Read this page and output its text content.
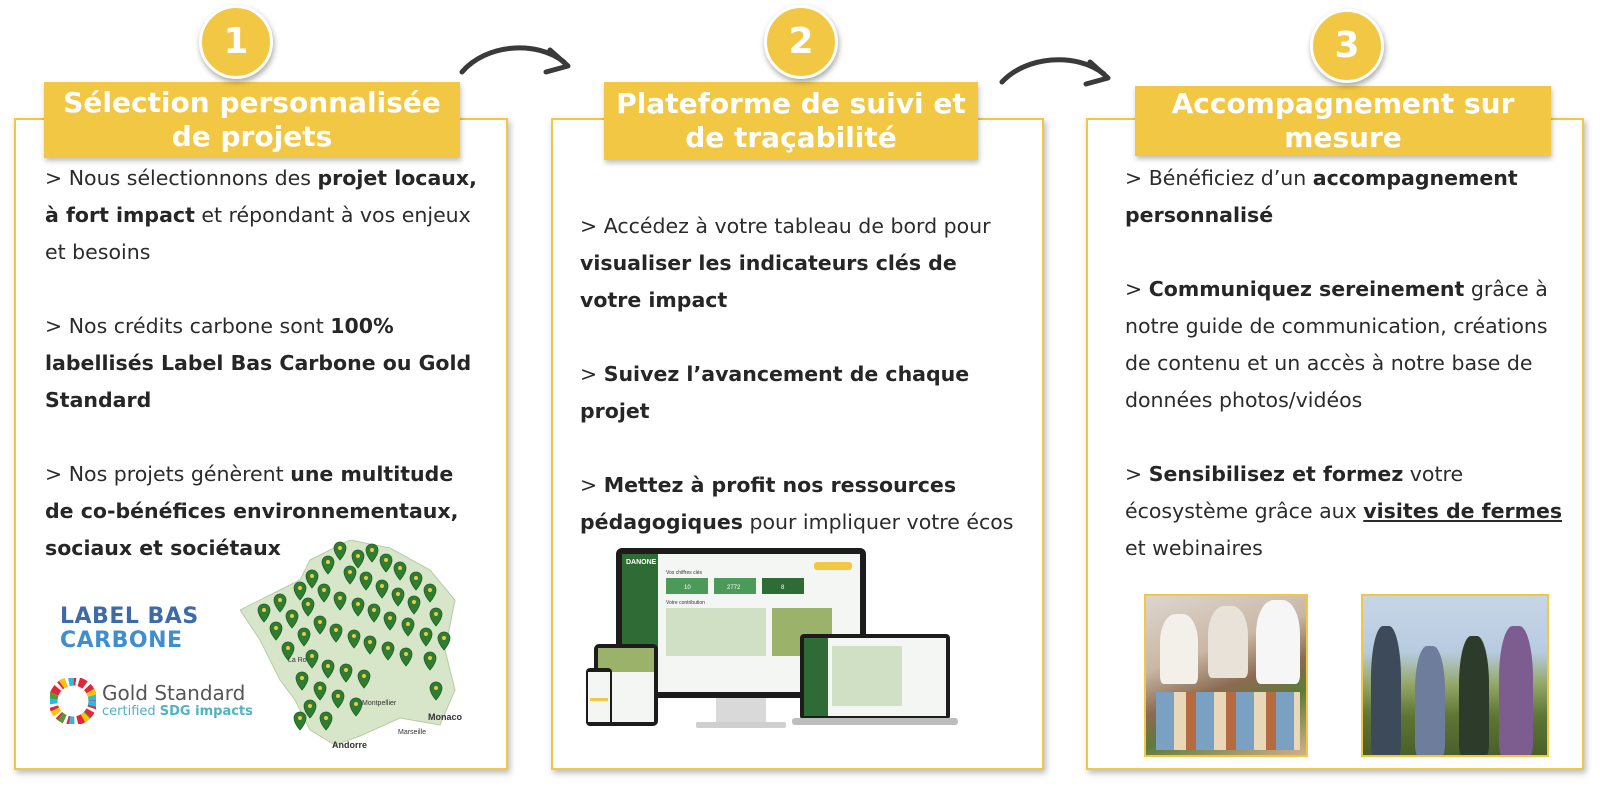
1	2	3
Sélection personnalisée de projets
Plateforme de suivi et de traçabilité
Accompagnement sur mesure

> Nous sélectionnons des projet locaux, à fort impact et répondant à vos enjeux et besoins

> Nos crédits carbone sont 100% labellisés Label Bas Carbone ou Gold Standard

> Nos projets génèrent une multitude de co-bénéfices environnementaux, sociaux et sociétaux

> Accédez à votre tableau de bord pour visualiser les indicateurs clés de votre impact

> Suivez l’avancement de chaque projet

> Mettez à profit nos ressources pédagogiques pour impliquer votre écos

> Bénéficiez d’un accompagnement personnalisé

> Communiquez sereinement grâce à notre guide de communication, créations de contenu et un accès à notre base de données photos/vidéos

> Sensibilisez et formez votre écosystème grâce aux visites de fermes et webinaires

LABEL BAS
CARBONE
Gold Standard
certified SDG impacts	Monaco
Marseille
Andorre
Montpellier
La Ro
DANONE
Vos chiffres clés
10	2772	8
Votre contribution
